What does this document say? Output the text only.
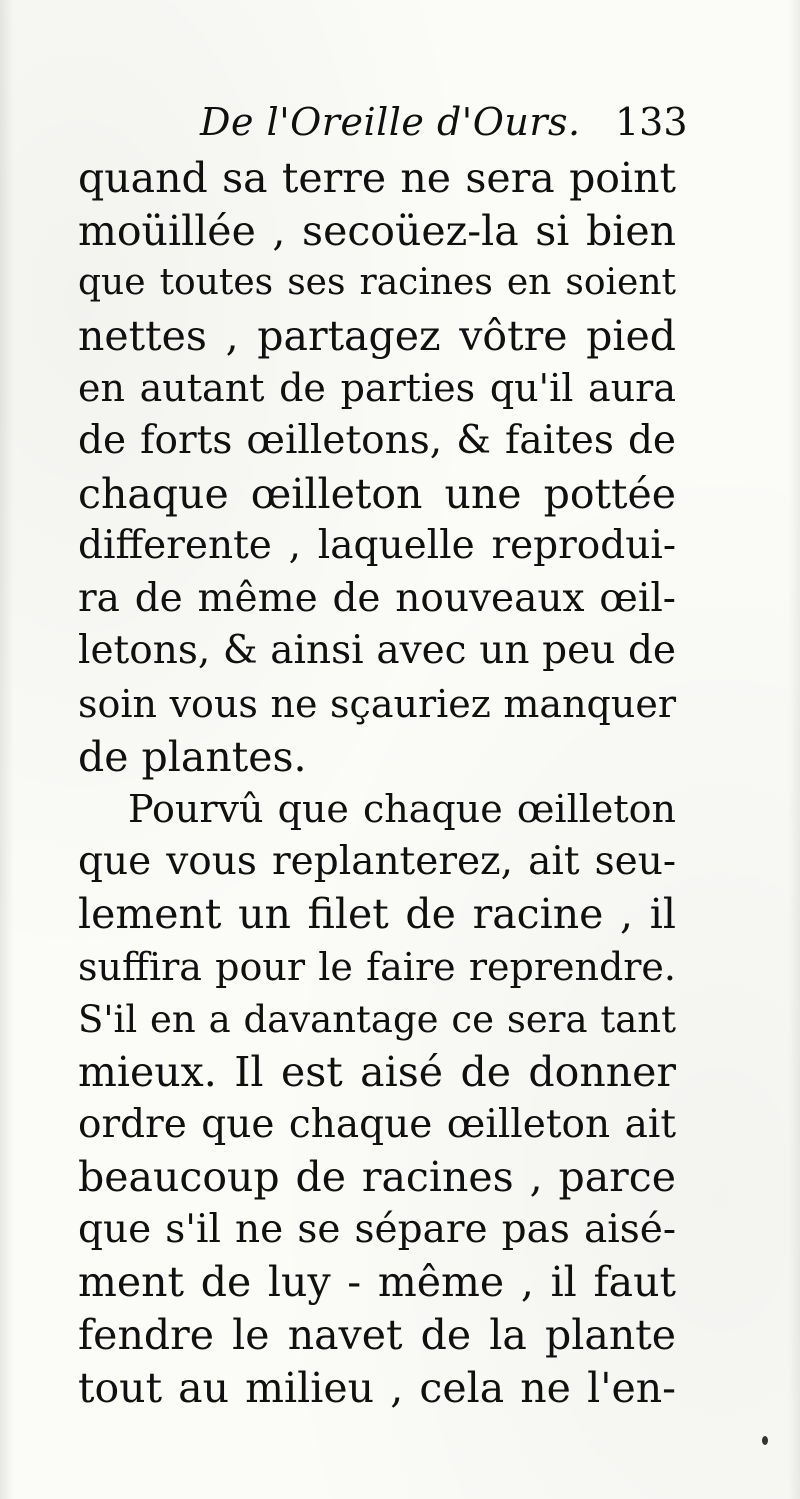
De l'Oreille d'Ours. 133
quand sa terre ne sera point
moüillée , secoüez-la si bien
que toutes ses racines en soient
nettes , partagez vôtre pied
en autant de parties qu'il aura
de forts œilletons, & faites de
chaque œilleton une pottée
differente , laquelle reprodui-
ra de même de nouveaux œil-
letons, & ainsi avec un peu de
soin vous ne sçauriez manquer
de plantes.
Pourvû que chaque œilleton
que vous replanterez, ait seu-
lement un filet de racine , il
suffira pour le faire reprendre.
S'il en a davantage ce sera tant
mieux. Il est aisé de donner
ordre que chaque œilleton ait
beaucoup de racines , parce
que s'il ne se sépare pas aisé-
ment de luy - même , il faut
fendre le navet de la plante
tout au milieu , cela ne l'en-
